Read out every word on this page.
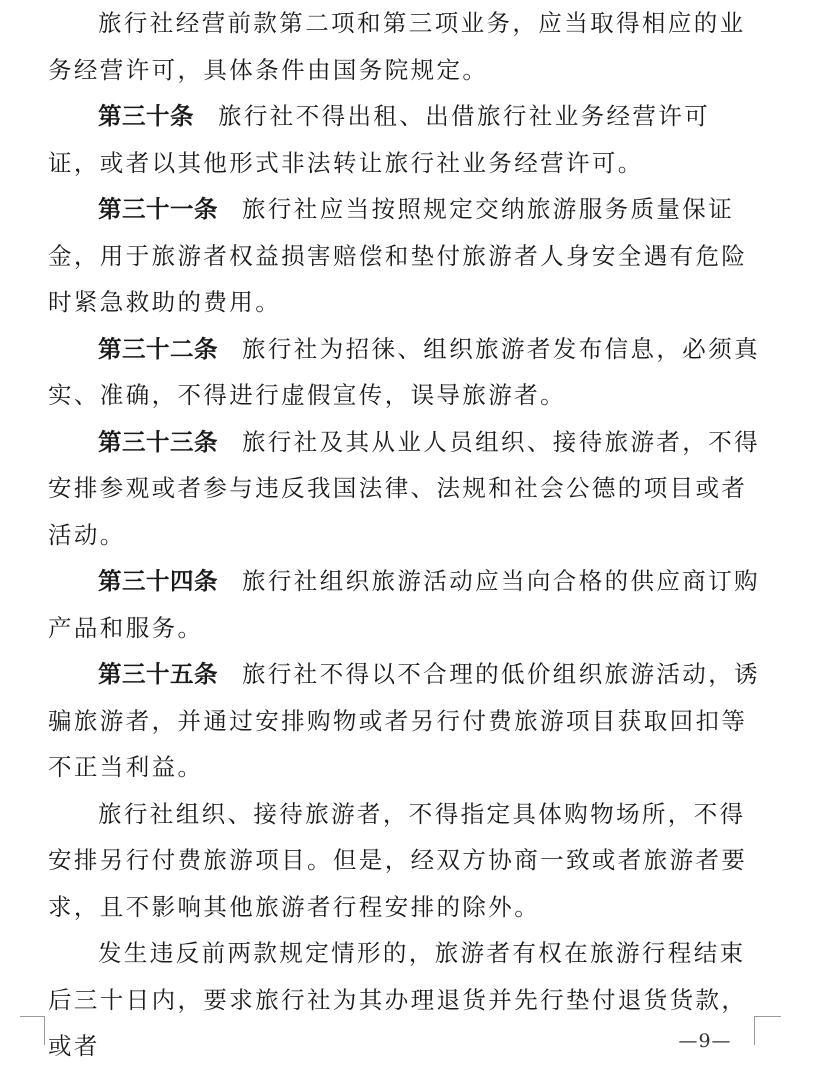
旅行社经营前款第二项和第三项业务，应当取得相应的业务经营许可，具体条件由国务院规定。

第三十条 旅行社不得出租、出借旅行社业务经营许可证，或者以其他形式非法转让旅行社业务经营许可。

第三十一条 旅行社应当按照规定交纳旅游服务质量保证金，用于旅游者权益损害赔偿和垫付旅游者人身安全遇有危险时紧急救助的费用。

第三十二条 旅行社为招徕、组织旅游者发布信息，必须真实、准确，不得进行虚假宣传，误导旅游者。

第三十三条 旅行社及其从业人员组织、接待旅游者，不得安排参观或者参与违反我国法律、法规和社会公德的项目或者活动。

第三十四条 旅行社组织旅游活动应当向合格的供应商订购产品和服务。

第三十五条 旅行社不得以不合理的低价组织旅游活动，诱骗旅游者，并通过安排购物或者另行付费旅游项目获取回扣等不正当利益。

旅行社组织、接待旅游者，不得指定具体购物场所，不得安排另行付费旅游项目。但是，经双方协商一致或者旅游者要求，且不影响其他旅游者行程安排的除外。

发生违反前两款规定情形的，旅游者有权在旅游行程结束后三十日内，要求旅行社为其办理退货并先行垫付退货货款，或者	—9—
